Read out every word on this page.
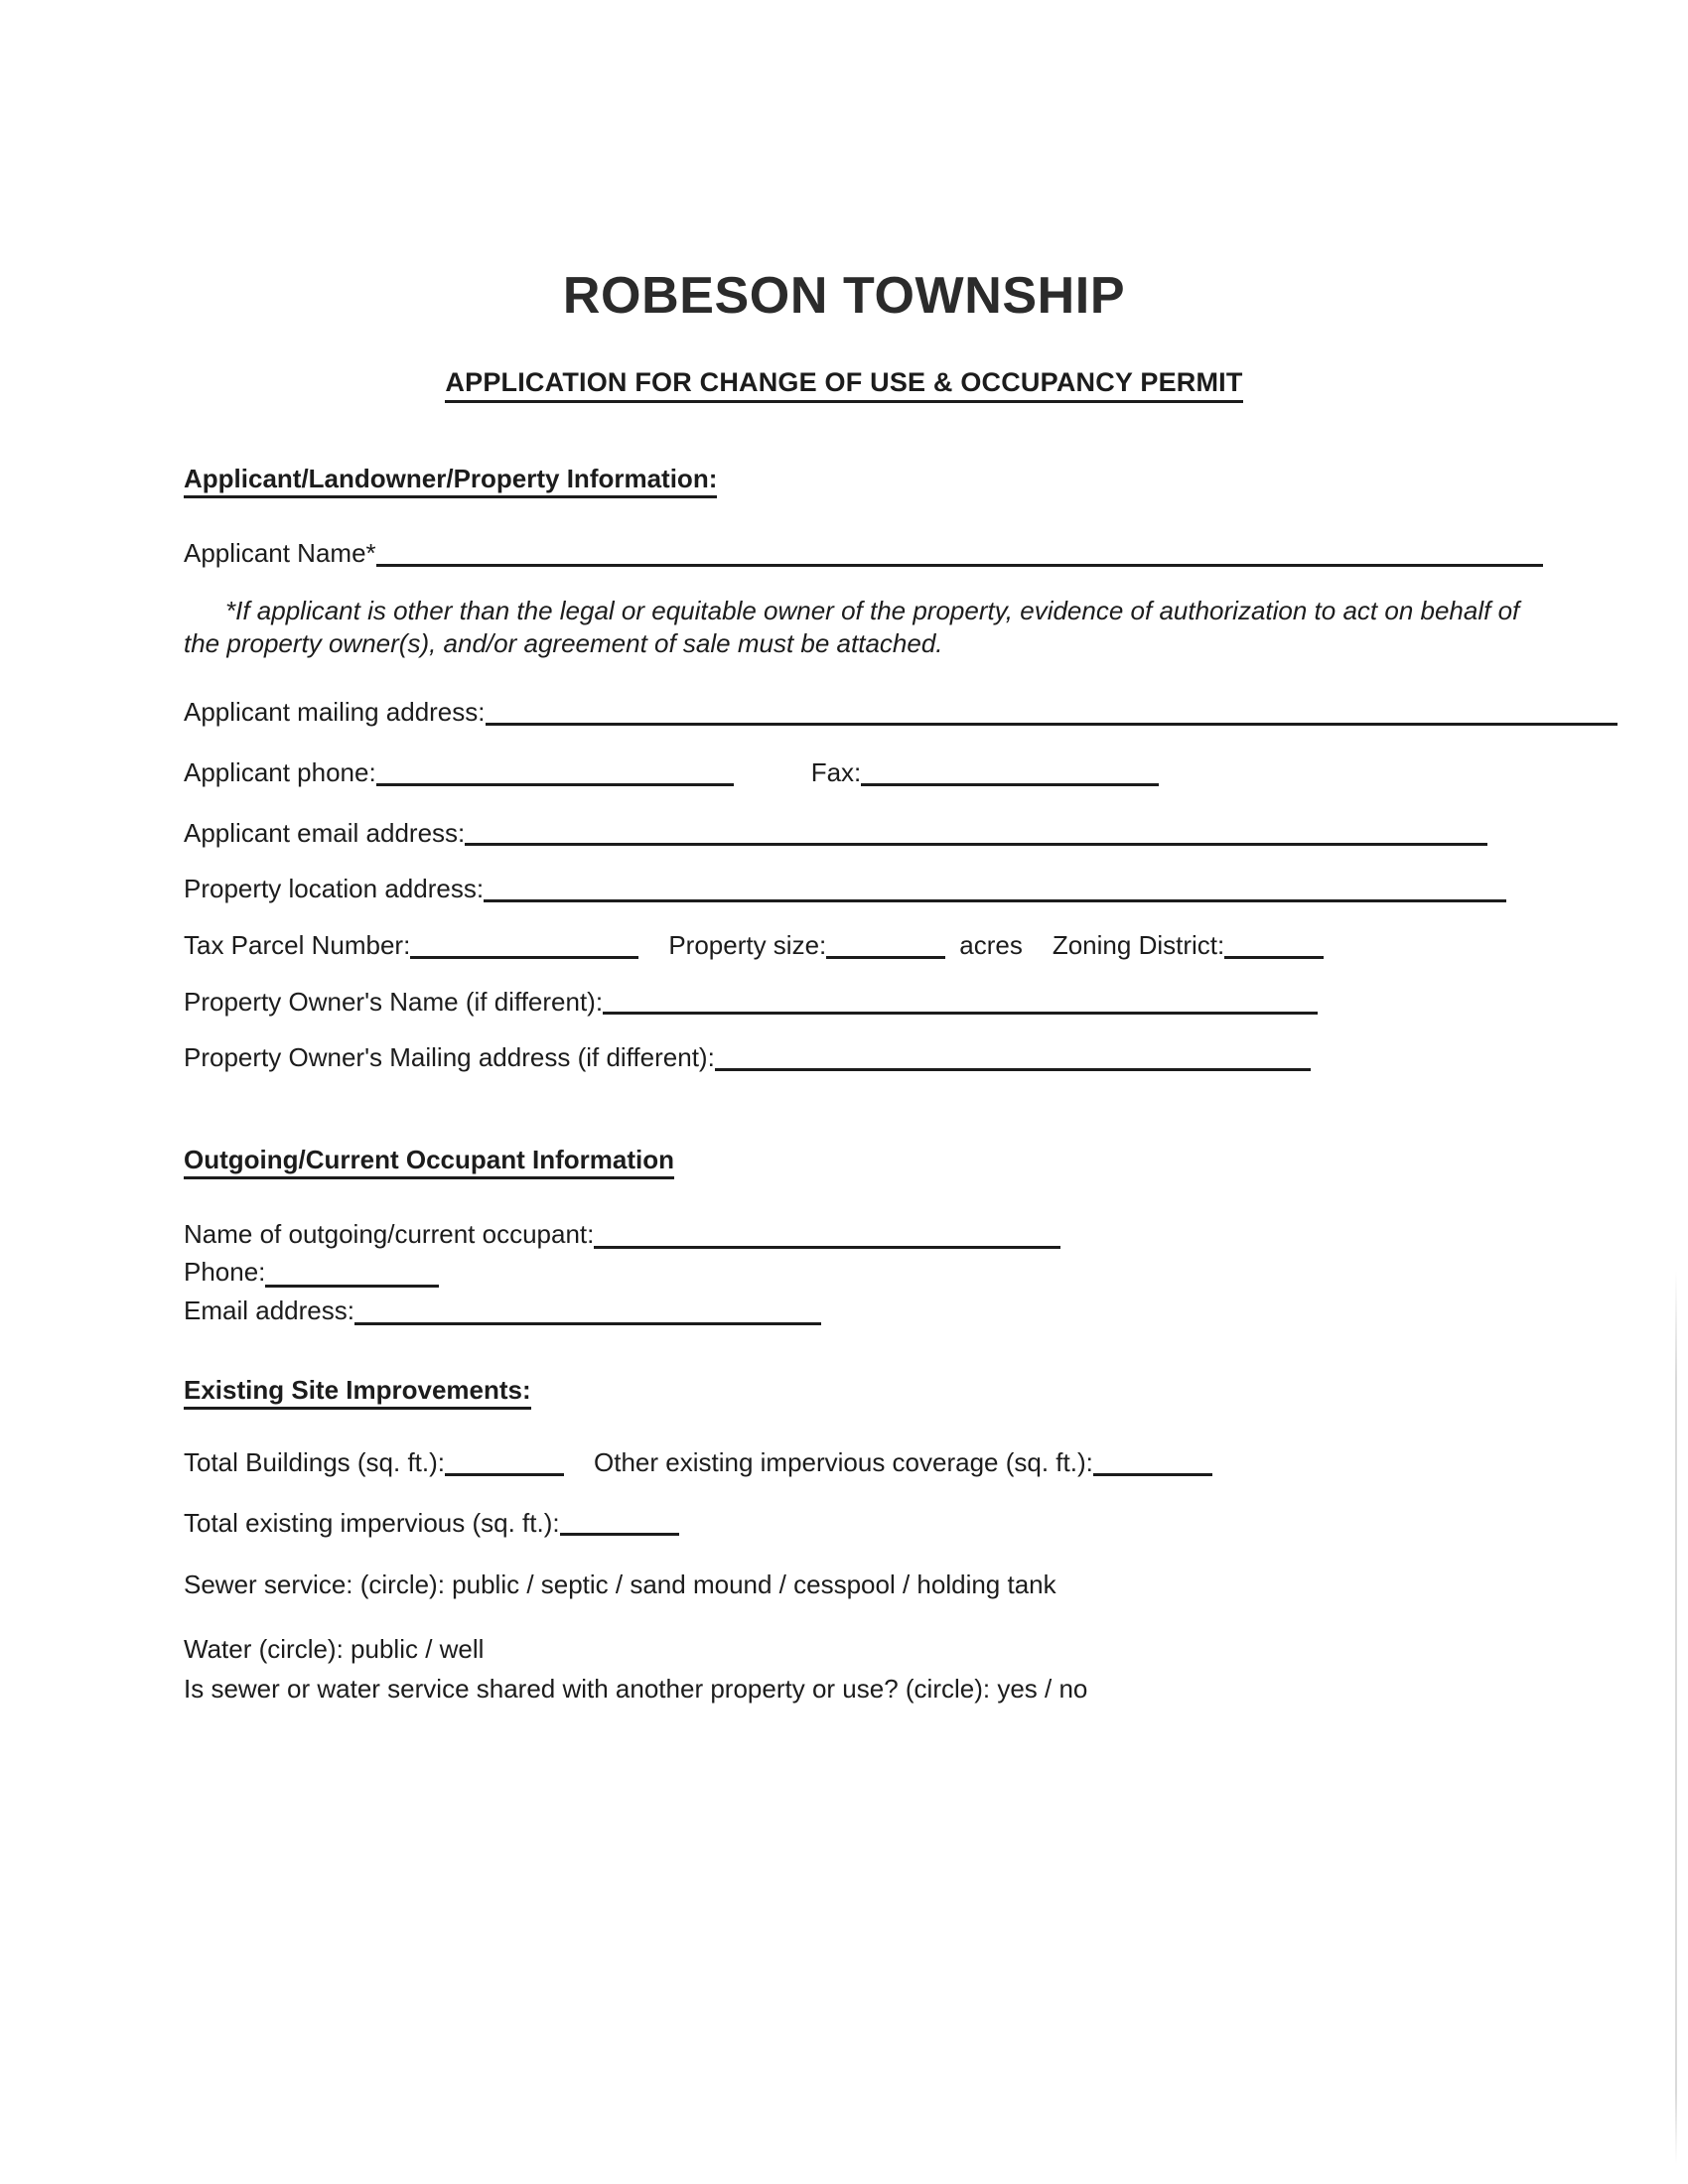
ROBESON TOWNSHIP
APPLICATION FOR CHANGE OF USE & OCCUPANCY PERMIT
Applicant/Landowner/Property Information:
Applicant Name*
*If applicant is other than the legal or equitable owner of the property, evidence of authorization to act on behalf of the property owner(s), and/or agreement of sale must be attached.
Applicant mailing address:
Applicant phone:	Fax:
Applicant email address:
Property location address:
Tax Parcel Number:	Property size:	acres Zoning District:
Property Owner's Name (if different):
Property Owner's Mailing address (if different):
Outgoing/Current Occupant Information
Name of outgoing/current occupant:
Phone:
Email address:
Existing Site Improvements:
Total Buildings (sq. ft.):	Other existing impervious coverage (sq. ft.):
Total existing impervious (sq. ft.):
Sewer service: (circle): public / septic / sand mound / cesspool / holding tank
Water (circle): public / well
Is sewer or water service shared with another property or use? (circle): yes / no
